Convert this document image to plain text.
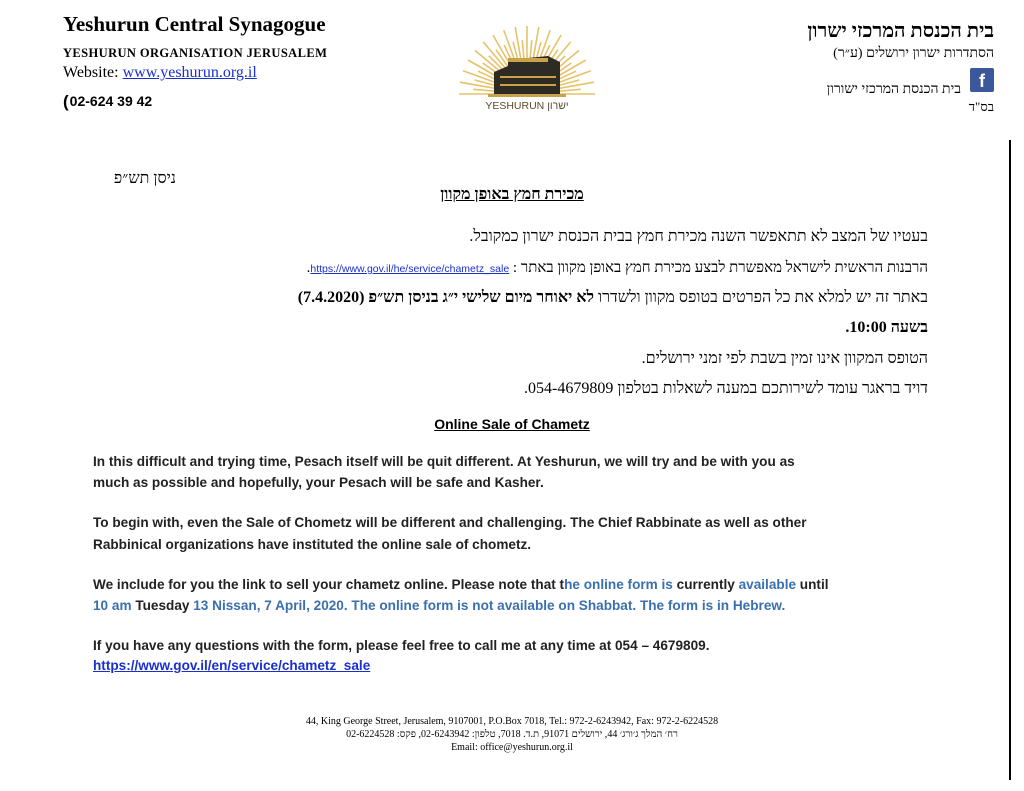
Yeshurun Central Synagogue
YESHURUN ORGANISATION JERUSALEM
Website: www.yeshurun.org.il
(02-624 39 42	YESHURUN ישרון
בית הכנסת המרכזי ישרון
הסתדרות ישרון ירושלים (ע״ר)
f
בית הכנסת המרכזי ישורון
בס"ד
ניסן תש״פ
מכירת חמץ באופן מקוון
בעטיו של המצב לא תתאפשר השנה מכירת חמץ בבית הכנסת ישרון כמקובל.
הרבנות הראשית לישראל מאפשרת לבצע מכירת חמץ באופן מקוון באתר : https://www.gov.il/he/service/chametz_sale.
באתר זה יש למלא את כל הפרטים בטופס מקוון ולשדרו לא יאוחר מיום שלישי י״ג בניסן תש״פ (7.4.2020)
בשעה 10:00.
הטופס המקוון אינו זמין בשבת לפי זמני ירושלים.
דויד בראגר עומד לשירותכם במענה לשאלות בטלפון 054-4679809.
Online Sale of Chametz
In this difficult and trying time, Pesach itself will be quit different. At Yeshurun, we will try and be with you as
much as possible and hopefully, your Pesach will be safe and Kasher.
To begin with, even the Sale of Chometz will be different and challenging. The Chief Rabbinate as well as other
Rabbinical organizations have instituted the online sale of chometz.
We include for you the link to sell your chametz online. Please note that the online form is currently available until
10 am Tuesday 13 Nissan, 7 April, 2020. The online form is not available on Shabbat. The form is in Hebrew.
If you have any questions with the form, please feel free to call me at any time at 054 – 4679809.
https://www.gov.il/en/service/chametz_sale
44, King George Street, Jerusalem, 9107001, P.O.Box 7018, Tel.: 972-2-6243942, Fax: 972-2-6224528
רח׳ המלך ג׳ורג׳ 44, ירושלים 91071, ת.ד. 7018, טלפון: 02-6243942, פקס: 02-6224528
Email: office@yeshurun.org.il
